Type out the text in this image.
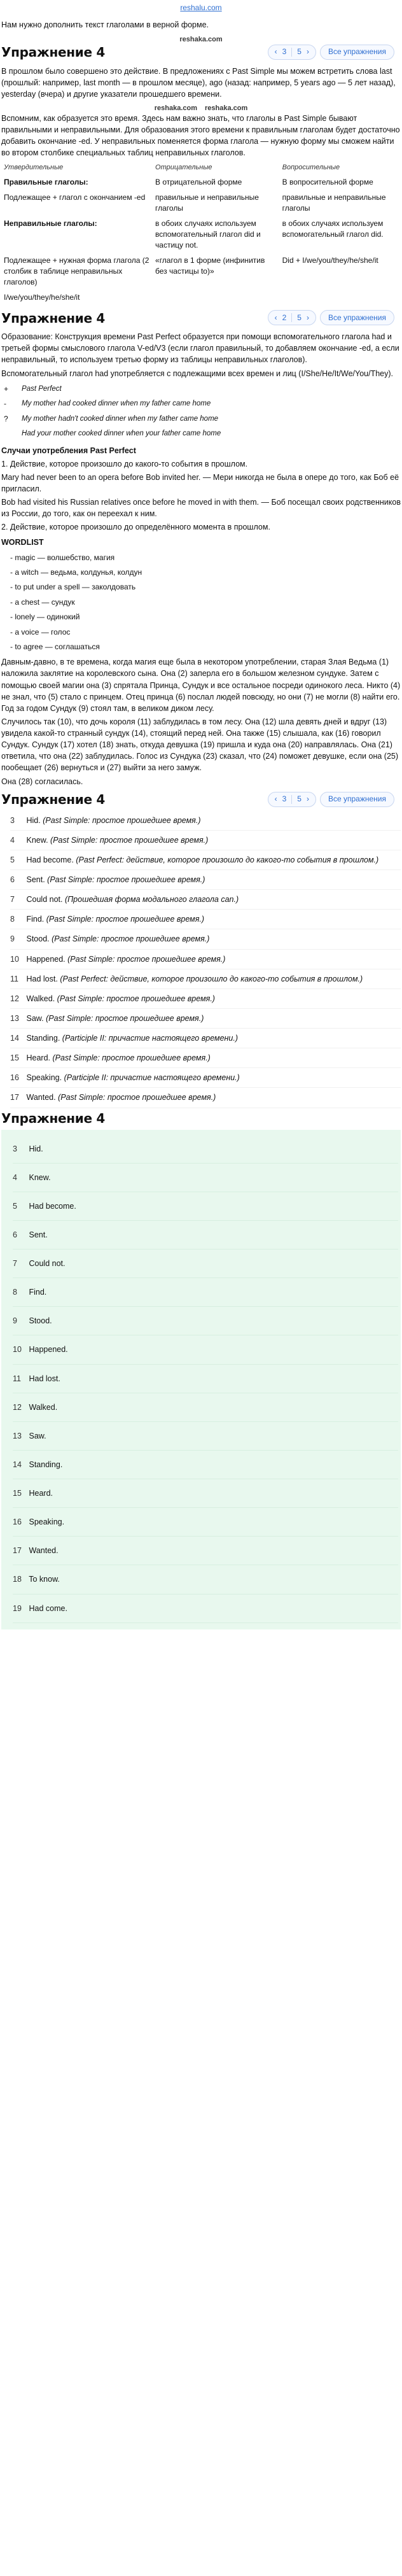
reshalu.com

Нам нужно дополнить текст глаголами в верной форме.

reshaka.com
Упражнение 4	‹ 3 5 ›	Все упражнения

В прошлом было совершено это действие. В предложениях с Past Simple мы можем встретить слова last (прошлый: например, last month — в прошлом месяце), ago (назад: например, 5 years ago — 5 лет назад), yesterday (вчера) и другие указатели прошедшего времени.

reshaka.com reshaka.com

Вспомним, как образуется это время. Здесь нам важно знать, что глаголы в Past Simple бывают правильными и неправильными. Для образования этого времени к правильным глаголам будет достаточно добавить окончание -ed. У неправильных поменяется форма глагола — нужную форму мы сможем найти во втором столбике специальных таблиц неправильных глаголов.

Утвердительные	Отрицательные	Вопросительные
Правильные глаголы:	В отрицательной форме	В вопросительной форме
Подлежащее + глагол с окончанием -ed	правильные и неправильные глаголы	правильные и неправильные глаголы
Неправильные глаголы:	в обоих случаях используем вспомогательный глагол did и частицу not.	в обоих случаях используем вспомогательный глагол did.
Подлежащее + нужная форма глагола (2 столбик в таблице неправильных глаголов)	«глагол в 1 форме (инфинитив без частицы to)»	Did + I/we/you/they/he/she/it
I/we/you/they/he/she/it		
Упражнение 4	‹ 2 5 ›	Все упражнения

Образование: Конструкция времени Past Perfect образуется при помощи вспомогательного глагола had и третьей формы смыслового глагола V-ed/V3 (если глагол правильный, то добавляем окончание -ed, а если неправильный, то используем третью форму из таблицы неправильных глаголов).

Вспомогательный глагол had употребляется с подлежащими всех времен и лиц (I/She/He/It/We/You/They).

+	Past Perfect
-	My mother had cooked dinner when my father came home
?	My mother hadn't cooked dinner when my father came home
	Had your mother cooked dinner when your father came home
Случаи употребления Past Perfect

1. Действие, которое произошло до какого-то события в прошлом.

Mary had never been to an opera before Bob invited her. — Мери никогда не была в опере до того, как Боб её пригласил.

Bob had visited his Russian relatives once before he moved in with them. — Боб посещал своих родственников из России, до того, как он переехал к ним.

2. Действие, которое произошло до определённого момента в прошлом.

WORDLIST
- magic — волшебство, магия
- a witch — ведьма, колдунья, колдун
- to put under a spell — заколдовать
- a chest — сундук
- lonely — одинокий
- a voice — голос
- to agree — соглашаться

Давным-давно, в те времена, когда магия еще была в некотором употреблении, старая Злая Ведьма (1) наложила заклятие на королевского сына. Она (2) заперла его в большом железном сундуке. Затем с помощью своей магии она (3) спрятала Принца, Сундук и все остальное посреди одинокого леса. Никто (4) не знал, что (5) стало с принцем. Отец принца (6) послал людей повсюду, но они (7) не могли (8) найти его. Год за годом Сундук (9) стоял там, в великом диком лесу.

Случилось так (10), что дочь короля (11) заблудилась в том лесу. Она (12) шла девять дней и вдруг (13) увидела какой-то странный сундук (14), стоящий перед ней. Она также (15) слышала, как (16) говорил Сундук. Сундук (17) хотел (18) знать, откуда девушка (19) пришла и куда она (20) направлялась. Она (21) ответила, что она (22) заблудилась. Голос из Сундука (23) сказал, что (24) поможет девушке, если она (25) пообещает (26) вернуться и (27) выйти за него замуж.

Она (28) согласилась.

Упражнение 4	‹ 3 5 ›	Все упражнения
3 Hid. (Past Simple: простое прошедшее время.)
4 Knew. (Past Simple: простое прошедшее время.)
5 Had become. (Past Perfect: действие, которое произошло до какого-то события в прошлом.)
6 Sent. (Past Simple: простое прошедшее время.)
7 Could not. (Прошедшая форма модального глагола can.)
8 Find. (Past Simple: простое прошедшее время.)
9 Stood. (Past Simple: простое прошедшее время.)
10 Happened. (Past Simple: простое прошедшее время.)
11 Had lost. (Past Perfect: действие, которое произошло до какого-то события в прошлом.)
12 Walked. (Past Simple: простое прошедшее время.)
13 Saw. (Past Simple: простое прошедшее время.)
14 Standing. (Participle II: причастие настоящего времени.)
15 Heard. (Past Simple: простое прошедшее время.)
16 Speaking. (Participle II: причастие настоящего времени.)
17 Wanted. (Past Simple: простое прошедшее время.)
Упражнение 4
3 Hid.
4 Knew.
5 Had become.
6 Sent.
7 Could not.
8 Find.
9 Stood.
10 Happened.
11 Had lost.
12 Walked.
13 Saw.
14 Standing.
15 Heard.
16 Speaking.
17 Wanted.
18 To know.
19 Had come.
